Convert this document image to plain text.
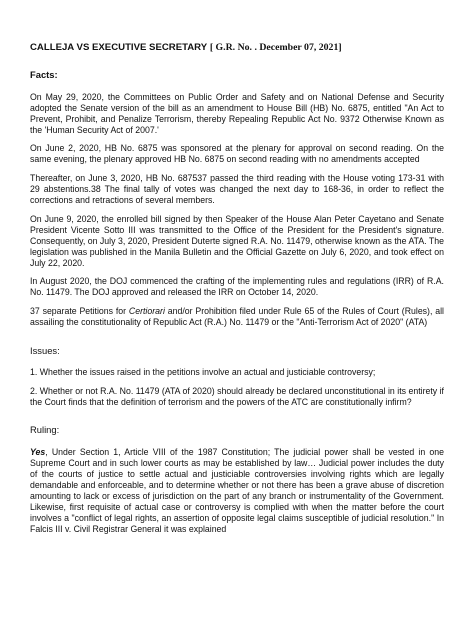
CALLEJA VS EXECUTIVE SECRETARY [ G.R. No. . December 07, 2021]
Facts:

On May 29, 2020, the Committees on Public Order and Safety and on National Defense and Security adopted the Senate version of the bill as an amendment to House Bill (HB) No. 6875, entitled "An Act to Prevent, Prohibit, and Penalize Terrorism, thereby Repealing Republic Act No. 9372 Otherwise Known as the 'Human Security Act of 2007.'

On June 2, 2020, HB No. 6875 was sponsored at the plenary for approval on second reading. On the same evening, the plenary approved HB No. 6875 on second reading with no amendments accepted

Thereafter, on June 3, 2020, HB No. 687537 passed the third reading with the House voting 173-31 with 29 abstentions.38 The final tally of votes was changed the next day to 168-36, in order to reflect the corrections and retractions of several members.

On June 9, 2020, the enrolled bill signed by then Speaker of the House Alan Peter Cayetano and Senate President Vicente Sotto III was transmitted to the Office of the President for the President's signature. Consequently, on July 3, 2020, President Duterte signed R.A. No. 11479, otherwise known as the ATA. The legislation was published in the Manila Bulletin and the Official Gazette on July 6, 2020, and took effect on July 22, 2020.

In August 2020, the DOJ commenced the crafting of the implementing rules and regulations (IRR) of R.A. No. 11479. The DOJ approved and released the IRR on October 14, 2020.

37 separate Petitions for Certiorari and/or Prohibition filed under Rule 65 of the Rules of Court (Rules), all assailing the constitutionality of Republic Act (R.A.) No. 11479 or the "Anti-Terrorism Act of 2020" (ATA)

Issues:

1. Whether the issues raised in the petitions involve an actual and justiciable controversy;

2. Whether or not R.A. No. 11479 (ATA of 2020) should already be declared unconstitutional in its entirety if the Court finds that the definition of terrorism and the powers of the ATC are constitutionally infirm?

Ruling:

Yes, Under Section 1, Article VIII of the 1987 Constitution; The judicial power shall be vested in one Supreme Court and in such lower courts as may be established by law… Judicial power includes the duty of the courts of justice to settle actual and justiciable controversies involving rights which are legally demandable and enforceable, and to determine whether or not there has been a grave abuse of discretion amounting to lack or excess of jurisdiction on the part of any branch or instrumentality of the Government. Likewise, first requisite of actual case or controversy is complied with when the matter before the court involves a "conflict of legal rights, an assertion of opposite legal claims susceptible of judicial resolution." In Falcis III v. Civil Registrar General it was explained
